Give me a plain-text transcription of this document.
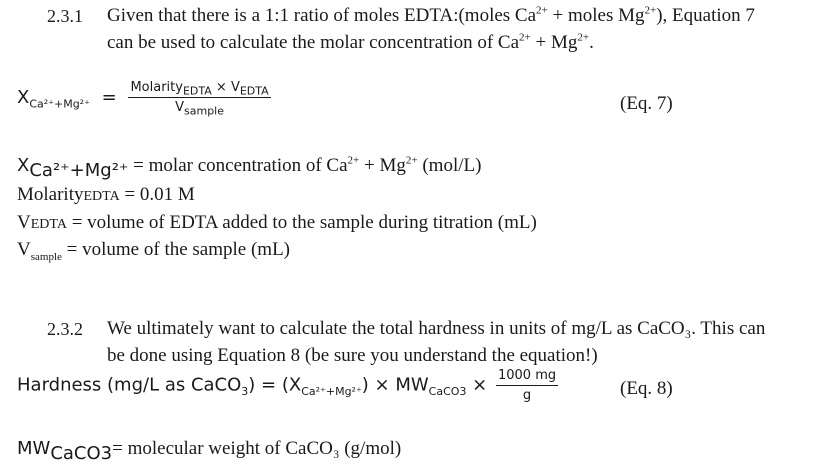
2.3.1 Given that there is a 1:1 ratio of moles EDTA:(moles $Ca^{2+}$ + moles $Mg^{2+}$), Equation 7
can be used to calculate the molar concentration of $Ca^{2+} + Mg^{2+}$.
$X_{Ca^{2+}+Mg^{2+}} = \frac{Molarity_{EDTA} \times V_{EDTA}}{V_{sample}}$	(Eq. 7)
$X_{Ca^{2+}+Mg^{2+}}$ = molar concentration of $Ca^{2+} + Mg^{2+}$ (mol/L)
MolarityEDTA = 0.01 M
VEDTA = volume of EDTA added to the sample during titration (mL)
$V_{sample}$ = volume of the sample (mL)
2.3.2 We ultimately want to calculate the total hardness in units of mg/L as CaCO₃. This can
be done using Equation 8 (be sure you understand the equation!)
Hardness (mg/L as CaCO$_3$) = $(X_{Ca^{2+}+Mg^{2+}}) \times MW_{CaCO3} \times \frac{1000 mg}{g}$	(Eq. 8)
$MW_{CaCO3}=$ molecular weight of CaCO₃ (g/mol)
